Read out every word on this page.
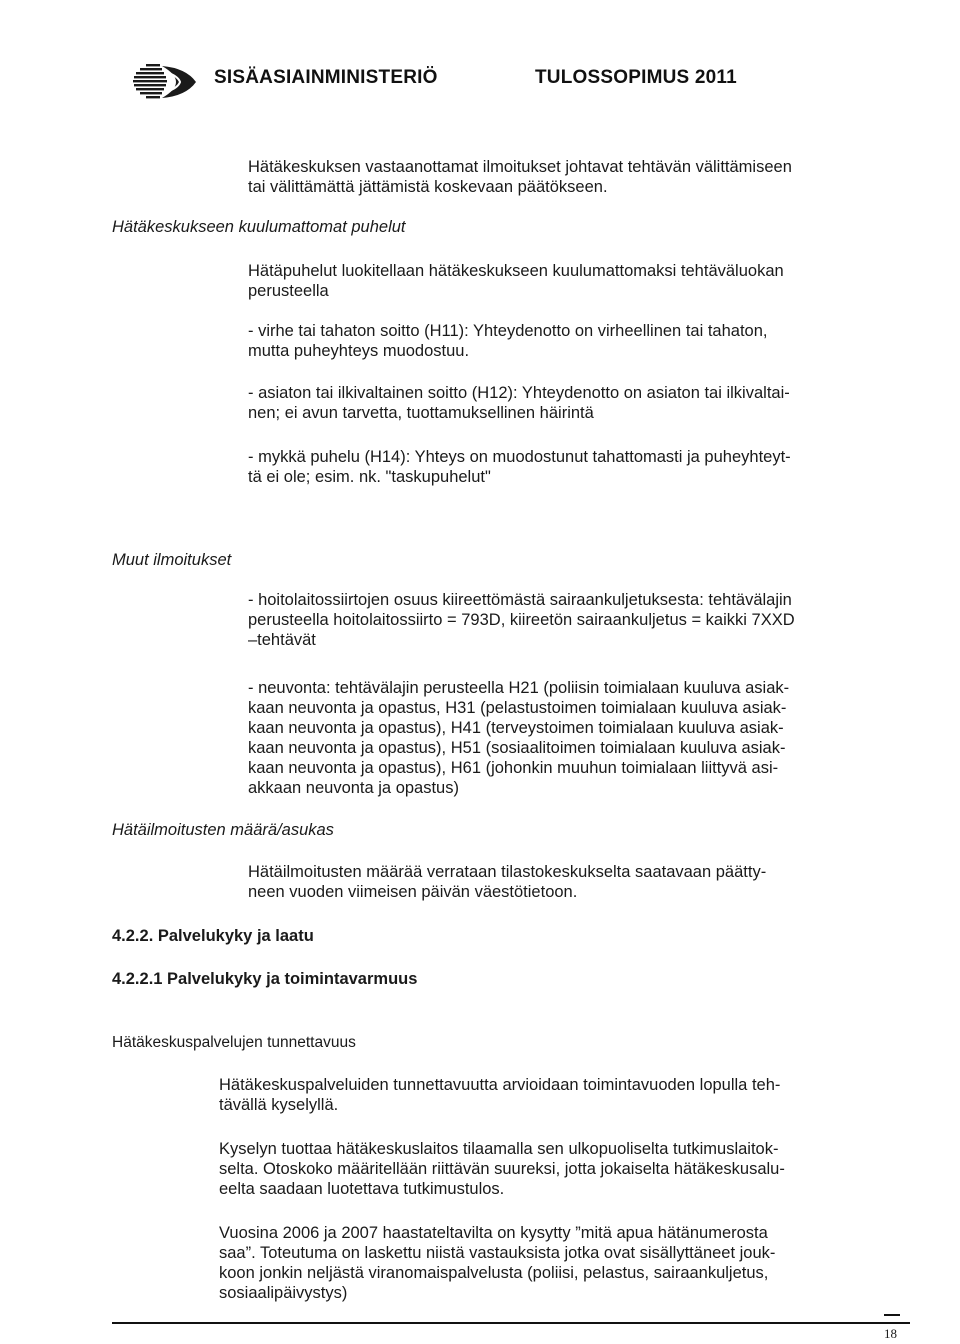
SISÄASIAINMINISTERIÖ	TULOSSOPIMUS 2011

Hätäkeskuksen vastaanottamat ilmoitukset johtavat tehtävän välittämiseen
tai välittämättä jättämistä koskevaan päätökseen.

Hätäkeskukseen kuulumattomat puhelut

Hätäpuhelut luokitellaan hätäkeskukseen kuulumattomaksi tehtäväluokan
perusteella

- virhe tai tahaton soitto (H11): Yhteydenotto on virheellinen tai tahaton,
mutta puheyhteys muodostuu.

- asiaton tai ilkivaltainen soitto (H12): Yhteydenotto on asiaton tai ilkivaltai-
nen; ei avun tarvetta, tuottamuksellinen häirintä

- mykkä puhelu (H14): Yhteys on muodostunut tahattomasti ja puheyhteyt-
tä ei ole; esim. nk. "taskupuhelut"

Muut ilmoitukset

- hoitolaitossiirtojen osuus kiireettömästä sairaankuljetuksesta: tehtävälajin
perusteella hoitolaitossiirto = 793D, kiireetön sairaankuljetus = kaikki 7XXD
–tehtävät

- neuvonta: tehtävälajin perusteella H21 (poliisin toimialaan kuuluva asiak-
kaan neuvonta ja opastus, H31 (pelastustoimen toimialaan kuuluva asiak-
kaan neuvonta ja opastus), H41 (terveystoimen toimialaan kuuluva asiak-
kaan neuvonta ja opastus), H51 (sosiaalitoimen toimialaan kuuluva asiak-
kaan neuvonta ja opastus), H61 (johonkin muuhun toimialaan liittyvä asi-
akkaan neuvonta ja opastus)

Hätäilmoitusten määrä/asukas

Hätäilmoitusten määrää verrataan tilastokeskukselta saatavaan päätty-
neen vuoden viimeisen päivän väestötietoon.

4.2.2. Palvelukyky ja laatu
4.2.2.1 Palvelukyky ja toimintavarmuus
Hätäkeskuspalvelujen tunnettavuus

Hätäkeskuspalveluiden tunnettavuutta arvioidaan toimintavuoden lopulla teh-
tävällä kyselyllä.

Kyselyn tuottaa hätäkeskuslaitos tilaamalla sen ulkopuoliselta tutkimuslaitok-
selta. Otoskoko määritellään riittävän suureksi, jotta jokaiselta hätäkeskusalu-
eelta saadaan luotettava tutkimustulos.

Vuosina 2006 ja 2007 haastateltavilta on kysytty ”mitä apua hätänumerosta
saa”. Toteutuma on laskettu niistä vastauksista jotka ovat sisällyttäneet jouk-
koon jonkin neljästä viranomaispalvelusta (poliisi, pelastus, sairaankuljetus,
sosiaalipäivystys)

18
